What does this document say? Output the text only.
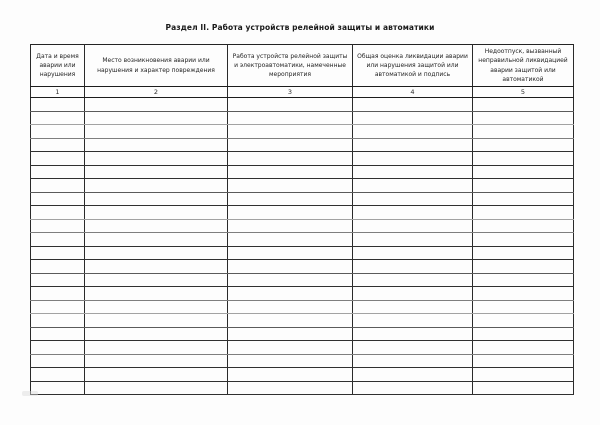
Раздел II. Работа устройств релейной защиты и автоматики
Дата и время аварии или нарушения	Место возникновения аварии или нарушения и характер повреждения	Работа устройств релейной защиты и электроавтоматики, намеченные мероприятия	Общая оценка ликвидации аварии или нарушения защитой или автоматикой и подпись	Недоотпуск, вызванный неправильной ликвидацией аварии защитой или автоматикой
1	2	3	4	5
